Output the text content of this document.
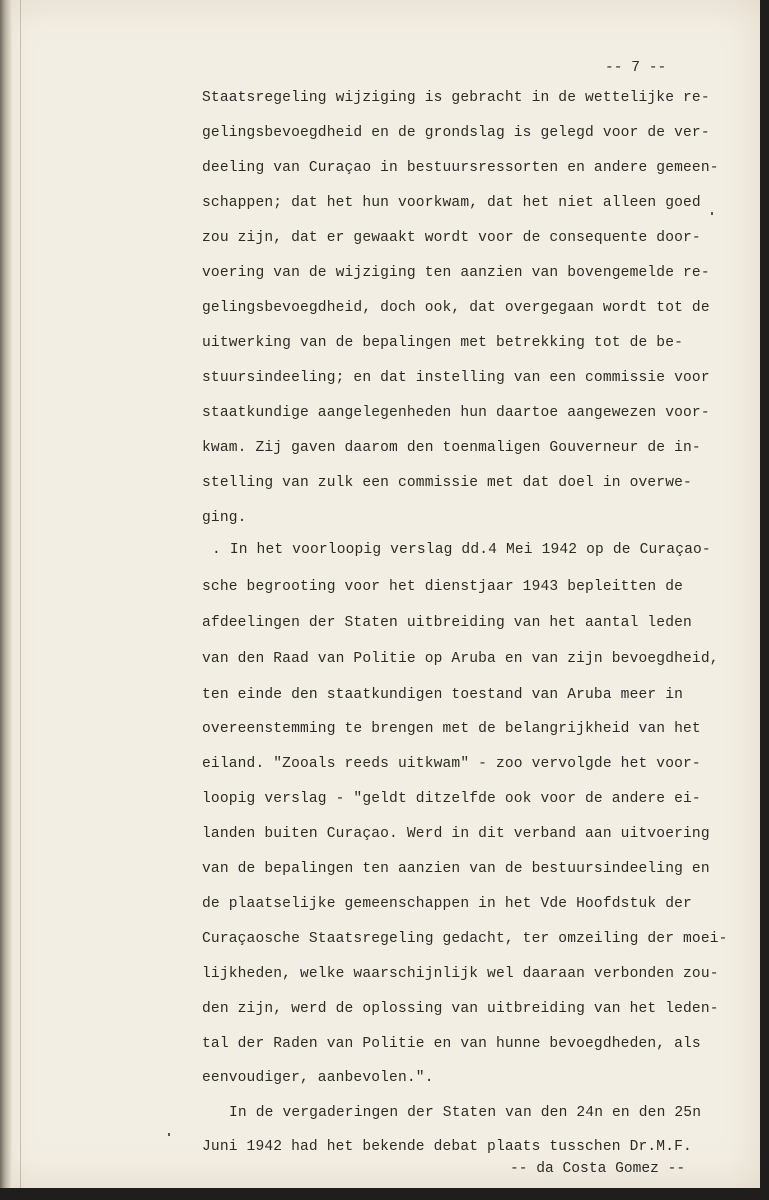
-- 7 --

Staatsregeling wijziging is gebracht in de wettelijke re-

gelingsbevoegdheid en de grondslag is gelegd voor de ver-

deeling van Curaçao in bestuursressorten en andere gemeen-

schappen; dat het hun voorkwam, dat het niet alleen goed

zou zijn, dat er gewaakt wordt voor de consequente door-

voering van de wijziging ten aanzien van bovengemelde re-

gelingsbevoegdheid, doch ook, dat overgegaan wordt tot de

uitwerking van de bepalingen met betrekking tot de be-

stuursindeeling; en dat instelling van een commissie voor

staatkundige aangelegenheden hun daartoe aangewezen voor-

kwam. Zij gaven daarom den toenmaligen Gouverneur de in-

stelling van zulk een commissie met dat doel in overwe-

ging.

. In het voorloopig verslag dd.4 Mei 1942 op de Curaçao-

sche begrooting voor het dienstjaar 1943 bepleitten de

afdeelingen der Staten uitbreiding van het aantal leden

van den Raad van Politie op Aruba en van zijn bevoegdheid,

ten einde den staatkundigen toestand van Aruba meer in

overeenstemming te brengen met de belangrijkheid van het

eiland. "Zooals reeds uitkwam" - zoo vervolgde het voor-

loopig verslag - "geldt ditzelfde ook voor de andere ei-

landen buiten Curaçao. Werd in dit verband aan uitvoering

van de bepalingen ten aanzien van de bestuursindeeling en

de plaatselijke gemeenschappen in het Vde Hoofdstuk der

Curaçaosche Staatsregeling gedacht, ter omzeiling der moei-

lijkheden, welke waarschijnlijk wel daaraan verbonden zou-

den zijn, werd de oplossing van uitbreiding van het leden-

tal der Raden van Politie en van hunne bevoegdheden, als

eenvoudiger, aanbevolen.".

In de vergaderingen der Staten van den 24n en den 25n

Juni 1942 had het bekende debat plaats tusschen Dr.M.F.

-- da Costa Gomez --
